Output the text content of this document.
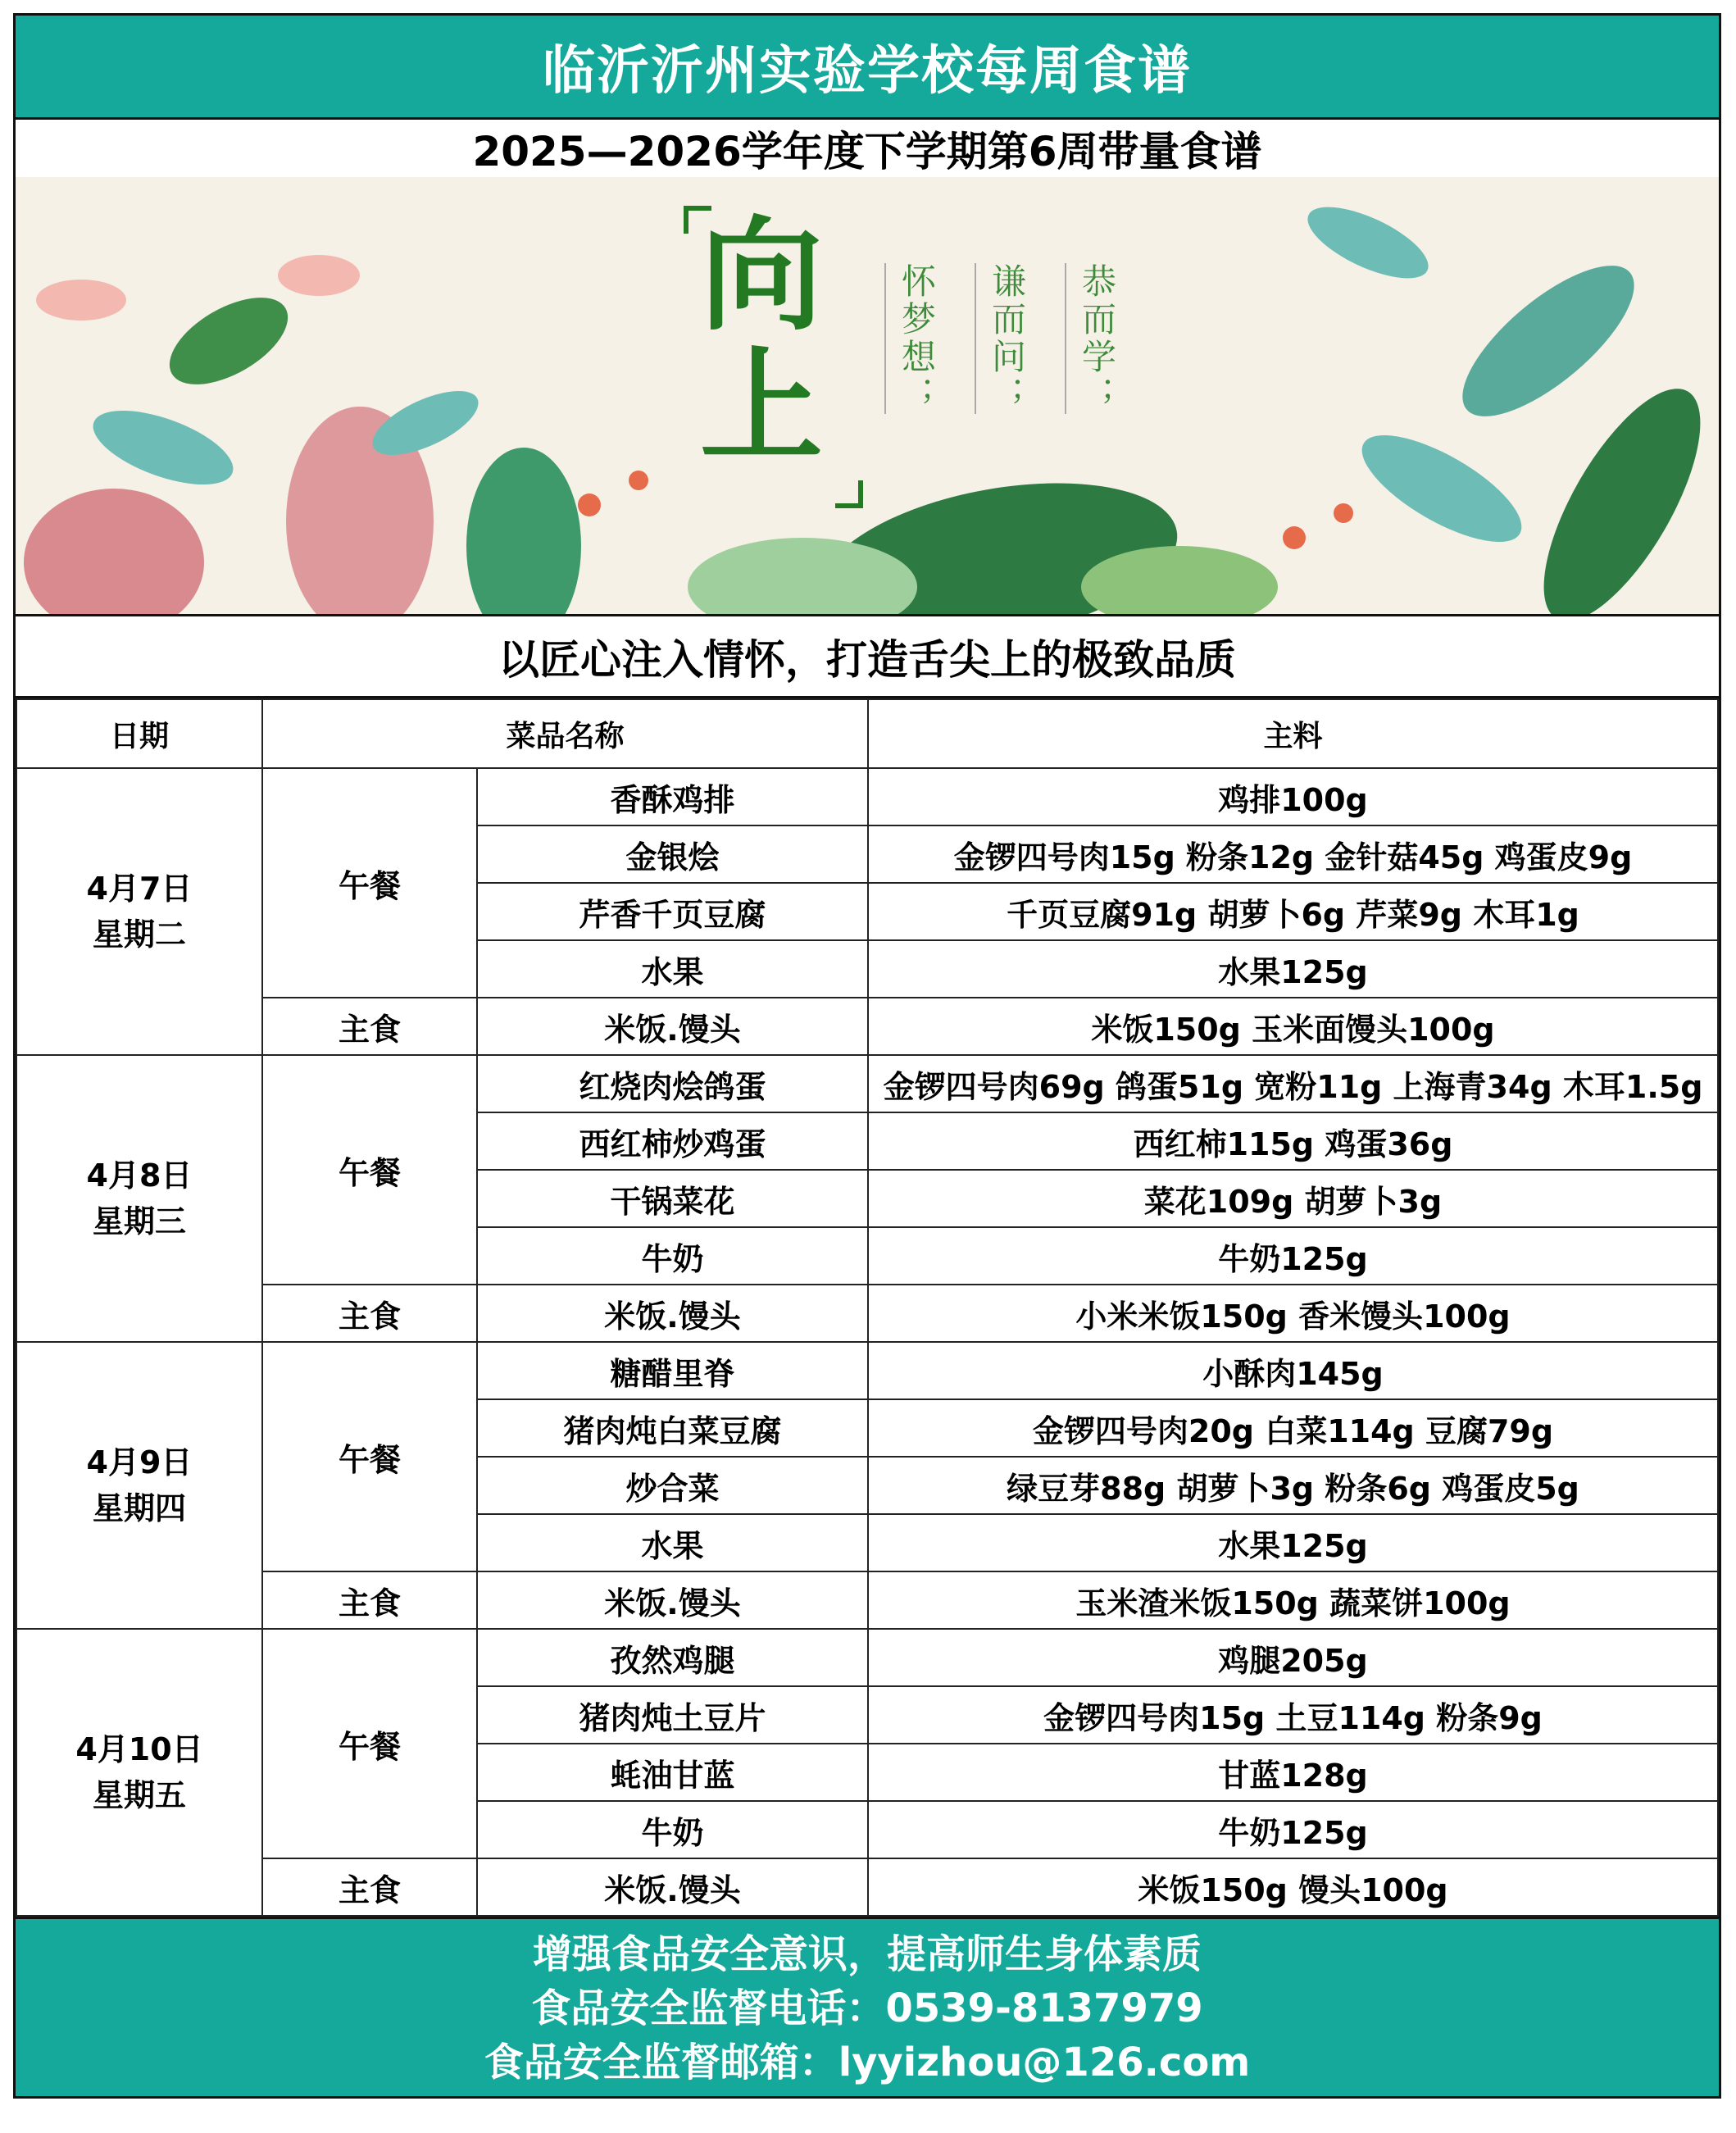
临沂沂州实验学校每周食谱
2025—2026学年度下学期第6周带量食谱
向上	恭而学；
谦而问；
怀梦想；
以匠心注入情怀，打造舌尖上的极致品质
日期	菜品名称		主料

4月7日
星期二	午餐	香酥鸡排	鸡排100g
		金银烩	金锣四号肉15g 粉条12g 金针菇45g 鸡蛋皮9g
		芹香千页豆腐	千页豆腐91g 胡萝卜6g 芹菜9g 木耳1g
		水果	水果125g
	主食	米饭.馒头	米饭150g 玉米面馒头100g

4月8日
星期三	午餐	红烧肉烩鸽蛋	金锣四号肉69g 鸽蛋51g 宽粉11g 上海青34g 木耳1.5g
		西红柿炒鸡蛋	西红柿115g 鸡蛋36g
		干锅菜花	菜花109g 胡萝卜3g
		牛奶	牛奶125g
	主食	米饭.馒头	小米米饭150g 香米馒头100g

4月9日
星期四	午餐	糖醋里脊	小酥肉145g
		猪肉炖白菜豆腐	金锣四号肉20g 白菜114g 豆腐79g
		炒合菜	绿豆芽88g 胡萝卜3g 粉条6g 鸡蛋皮5g
		水果	水果125g
	主食	米饭.馒头	玉米渣米饭150g 蔬菜饼100g

4月10日
星期五	午餐	孜然鸡腿	鸡腿205g
		猪肉炖土豆片	金锣四号肉15g 土豆114g 粉条9g
		蚝油甘蓝	甘蓝128g
		牛奶	牛奶125g
	主食	米饭.馒头	米饭150g 馒头100g
增强食品安全意识，提高师生身体素质
食品安全监督电话：0539-8137979
食品安全监督邮箱：lyyizhou@126.com
